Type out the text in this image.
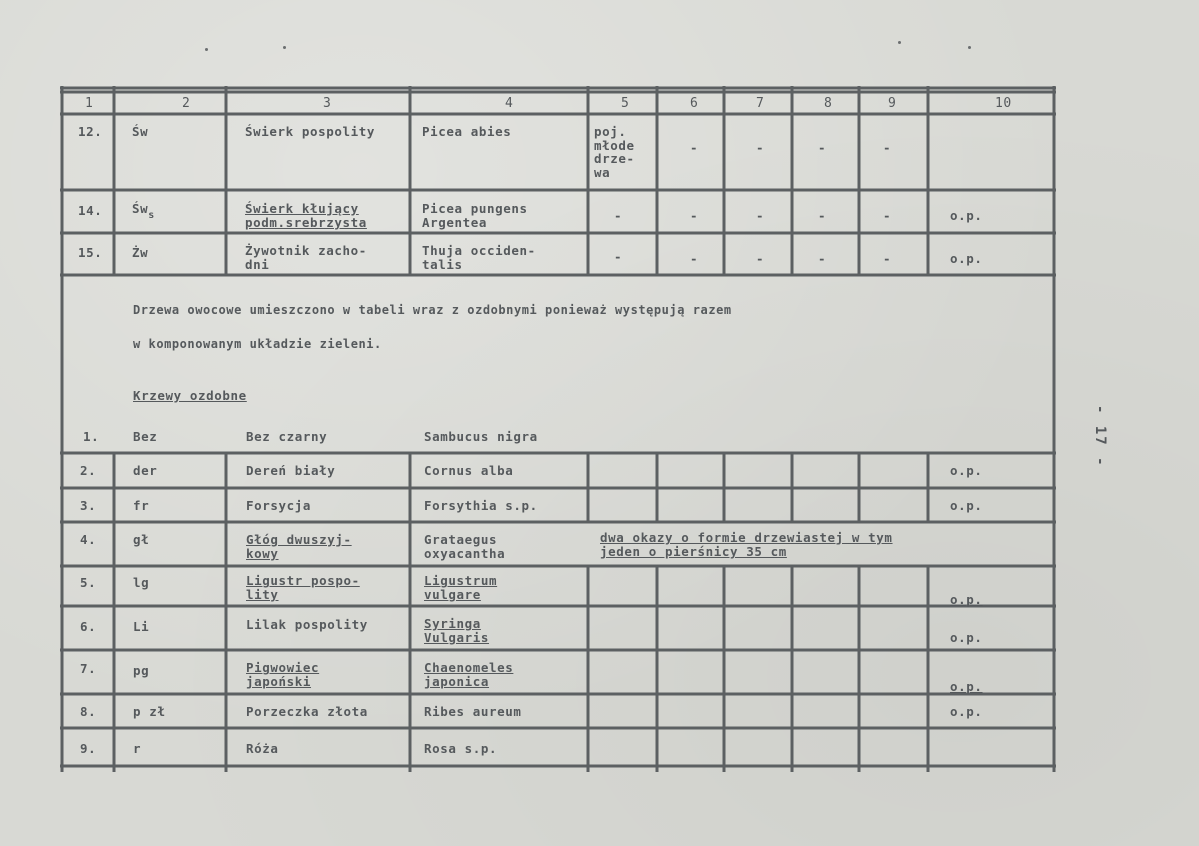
1	2	3	4	5	6	7	8	9	10
12. Św	Świerk pospolity	Picea abies	poj.
młode
drze-
wa
-	-	-	-
14. $Św_s$	Świerk kłujący
podm.srebrzysta
Picea pungens
Argentea	-	-	-	-	-	o.p.
15. Żw	Żywotnik zacho-
dni
Thuja occiden-
talis
-	-	-	-	-	o.p.
Drzewa owocowe umieszczono w tabeli wraz z ozdobnymi ponieważ występują razem
w komponowanym układzie zieleni.
Krzewy ozdobne
1.	Bez	Bez czarny	Sambucus nigra
2.	der	Dereń biały	Cornus alba	o.p.
3.	fr	Forsycja	Forsythia s.p.	o.p.
4.	gł	Głóg dwuszyj-
kowy
Grataegus
oxyacantha
dwa okazy o formie drzewiastej w tym
jeden o pierśnicy 35 cm
5.	lg	Ligustr pospo-
lity
Ligustrum
vulgare	o.p.
6.	Li	Lilak pospolity	Syringa
Vulgaris	o.p.
7.	pg	Pigwowiec
japoński
Chaenomeles
japonica	o.p.
8.	p zł	Porzeczka złota	Ribes aureum	o.p.
9.	r	Róża	Rosa s.p.
- 17 -
